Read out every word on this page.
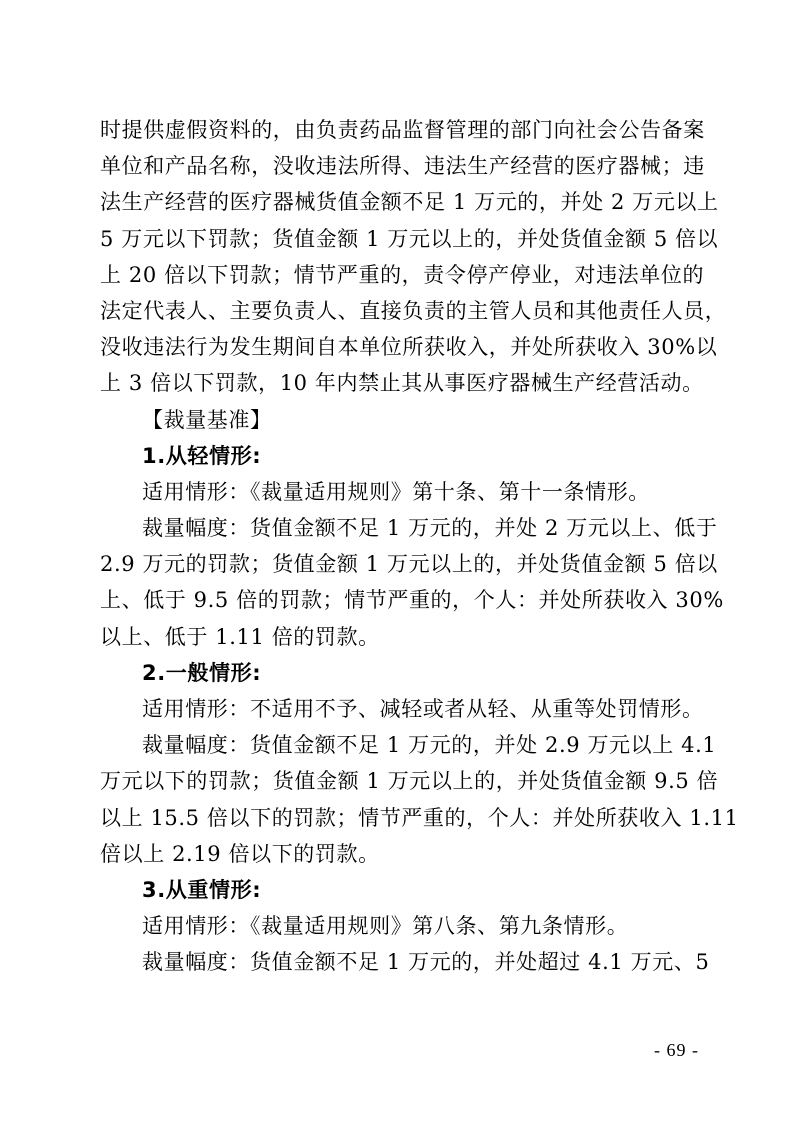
时提供虚假资料的，由负责药品监督管理的部门向社会公告备案
单位和产品名称，没收违法所得、违法生产经营的医疗器械；违
法生产经营的医疗器械货值金额不足 1 万元的，并处 2 万元以上
5 万元以下罚款；货值金额 1 万元以上的，并处货值金额 5 倍以
上 20 倍以下罚款；情节严重的，责令停产停业，对违法单位的
法定代表人、主要负责人、直接负责的主管人员和其他责任人员，
没收违法行为发生期间自本单位所获收入，并处所获收入 30%以
上 3 倍以下罚款，10 年内禁止其从事医疗器械生产经营活动。
【裁量基准】
1.从轻情形:
适用情形：《裁量适用规则》第十条、第十一条情形。
裁量幅度：货值金额不足 1 万元的，并处 2 万元以上、低于
2.9 万元的罚款；货值金额 1 万元以上的，并处货值金额 5 倍以
上、低于 9.5 倍的罚款；情节严重的，个人：并处所获收入 30%
以上、低于 1.11 倍的罚款。
2.一般情形:
适用情形：不适用不予、减轻或者从轻、从重等处罚情形。
裁量幅度：货值金额不足 1 万元的，并处 2.9 万元以上 4.1
万元以下的罚款；货值金额 1 万元以上的，并处货值金额 9.5 倍
以上 15.5 倍以下的罚款；情节严重的，个人：并处所获收入 1.11
倍以上 2.19 倍以下的罚款。
3.从重情形:
适用情形：《裁量适用规则》第八条、第九条情形。
裁量幅度：货值金额不足 1 万元的，并处超过 4.1 万元、5
- 69 -
